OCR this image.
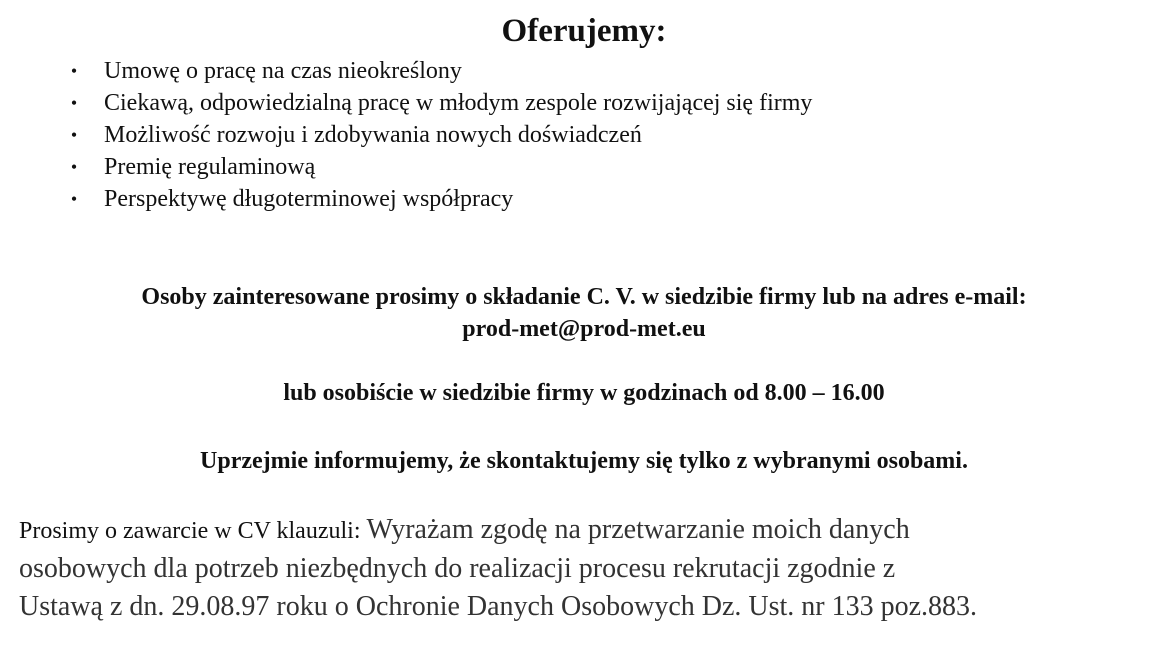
Oferujemy:
• Umowę o pracę na czas nieokreślony
• Ciekawą, odpowiedzialną pracę w młodym zespole rozwijającej się firmy
• Możliwość rozwoju i zdobywania nowych doświadczeń
• Premię regulaminową
• Perspektywę długoterminowej współpracy

Osoby zainteresowane prosimy o składanie C. V. w siedzibie firmy lub na adres e-mail:

prod-met@prod-met.eu

lub osobiście w siedzibie firmy w godzinach od 8.00 – 16.00

Uprzejmie informujemy, że skontaktujemy się tylko z wybranymi osobami.

Prosimy o zawarcie w CV klauzuli: Wyrażam zgodę na przetwarzanie moich danych
osobowych dla potrzeb niezbędnych do realizacji procesu rekrutacji zgodnie z
Ustawą z dn. 29.08.97 roku o Ochronie Danych Osobowych Dz. Ust. nr 133 poz.883.
